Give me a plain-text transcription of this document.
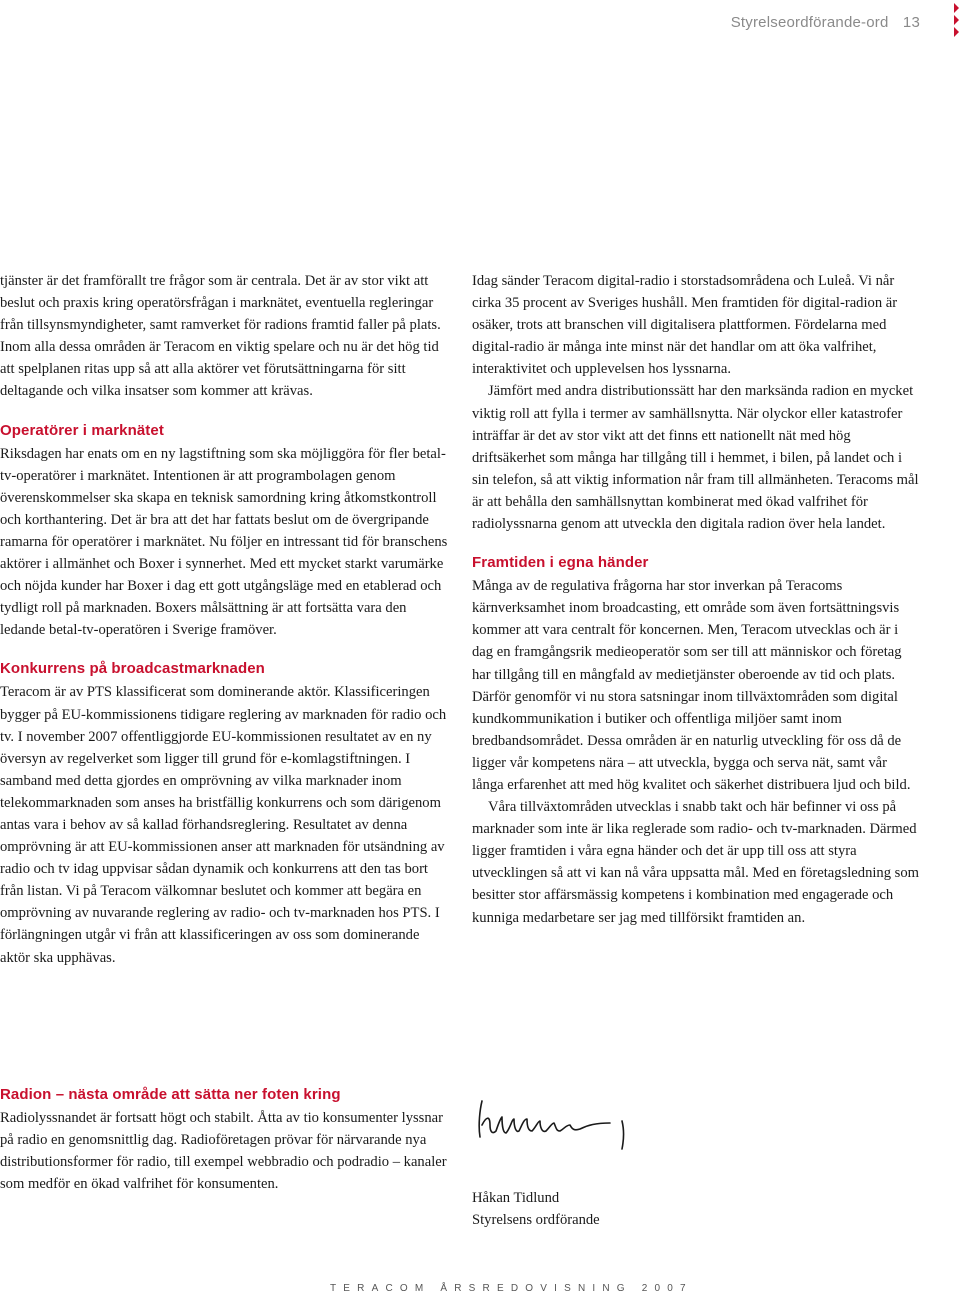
Styrelseordförande-ord 13

tjänster är det framförallt tre frågor som är centrala. Det är av stor vikt att beslut och praxis kring operatörsfrågan i marknätet, eventuella regleringar från tillsynsmyndigheter, samt ramverket för radions framtid faller på plats. Inom alla dessa områden är Teracom en viktig spelare och nu är det hög tid att spelplanen ritas upp så att alla aktörer vet förutsättningarna för sitt deltagande och vilka insatser som kommer att krävas.

Operatörer i marknätet

Riksdagen har enats om en ny lagstiftning som ska möjliggöra för fler betal-tv-operatörer i marknätet. Intentionen är att programbolagen genom överenskommelser ska skapa en teknisk samordning kring åtkomstkontroll och korthantering. Det är bra att det har fattats beslut om de övergripande ramarna för operatörer i marknätet. Nu följer en intressant tid för branschens aktörer i allmänhet och Boxer i synnerhet. Med ett mycket starkt varumärke och nöjda kunder har Boxer i dag ett gott utgångsläge med en etablerad och tydligt roll på marknaden. Boxers målsättning är att fortsätta vara den ledande betal-tv-operatören i Sverige framöver.

Konkurrens på broadcastmarknaden

Teracom är av PTS klassificerat som dominerande aktör. Klassificeringen bygger på EU-kommissionens tidigare reglering av marknaden för radio och tv. I november 2007 offentliggjorde EU-kommissionen resultatet av en ny översyn av regelverket som ligger till grund för e-komlagstiftningen. I samband med detta gjordes en omprövning av vilka marknader inom telekommarknaden som anses ha bristfällig konkurrens och som därigenom antas vara i behov av så kallad förhandsreglering. Resultatet av denna omprövning är att EU-kommissionen anser att marknaden för utsändning av radio och tv idag uppvisar sådan dynamik och konkurrens att den tas bort från listan. Vi på Teracom välkomnar beslutet och kommer att begära en omprövning av nuvarande reglering av radio- och tv-marknaden hos PTS. I förlängningen utgår vi från att klassificeringen av oss som dominerande aktör ska upphävas.

Radion – nästa område att sätta ner foten kring

Radiolyssnandet är fortsatt högt och stabilt. Åtta av tio konsumenter lyssnar på radio en genomsnittlig dag. Radioföretagen prövar för närvarande nya distributionsformer för radio, till exempel webbradio och podradio – kanaler som medför en ökad valfrihet för konsumenten.

Idag sänder Teracom digital-radio i storstadsområdena och Luleå. Vi når cirka 35 procent av Sveriges hushåll. Men framtiden för digital-radion är osäker, trots att branschen vill digitalisera plattformen. Fördelarna med digital-radio är många inte minst när det handlar om att öka valfrihet, interaktivitet och upplevelsen hos lyssnarna.

Jämfört med andra distributionssätt har den marksända radion en mycket viktig roll att fylla i termer av samhällsnytta. När olyckor eller katastrofer inträffar är det av stor vikt att det finns ett nationellt nät med hög driftsäkerhet som många har tillgång till i hemmet, i bilen, på landet och i sin telefon, så att viktig information når fram till allmänheten. Teracoms mål är att behålla den samhällsnyttan kombinerat med ökad valfrihet för radiolyssnarna genom att utveckla den digitala radion över hela landet.

Framtiden i egna händer

Många av de regulativa frågorna har stor inverkan på Teracoms kärnverksamhet inom broadcasting, ett område som även fortsättningsvis kommer att vara centralt för koncernen. Men, Teracom utvecklas och är i dag en framgångsrik medieoperatör som ser till att människor och företag har tillgång till en mångfald av medietjänster oberoende av tid och plats. Därför genomför vi nu stora satsningar inom tillväxtområden som digital kundkommunikation i butiker och offentliga miljöer samt inom bredbandsområdet. Dessa områden är en naturlig utveckling för oss då de ligger vår kompetens nära – att utveckla, bygga och serva nät, samt vår långa erfarenhet att med hög kvalitet och säkerhet distribuera ljud och bild.

Våra tillväxtområden utvecklas i snabb takt och här befinner vi oss på marknader som inte är lika reglerade som radio- och tv-marknaden. Därmed ligger framtiden i våra egna händer och det är upp till oss att styra utvecklingen så att vi kan nå våra uppsatta mål. Med en företagsledning som besitter stor affärsmässig kompetens i kombination med engagerade och kunniga medarbetare ser jag med tillförsikt framtiden an.

Håkan Tidlund

Styrelsens ordförande

TERACOM ÅRSREDOVISNING 2007
